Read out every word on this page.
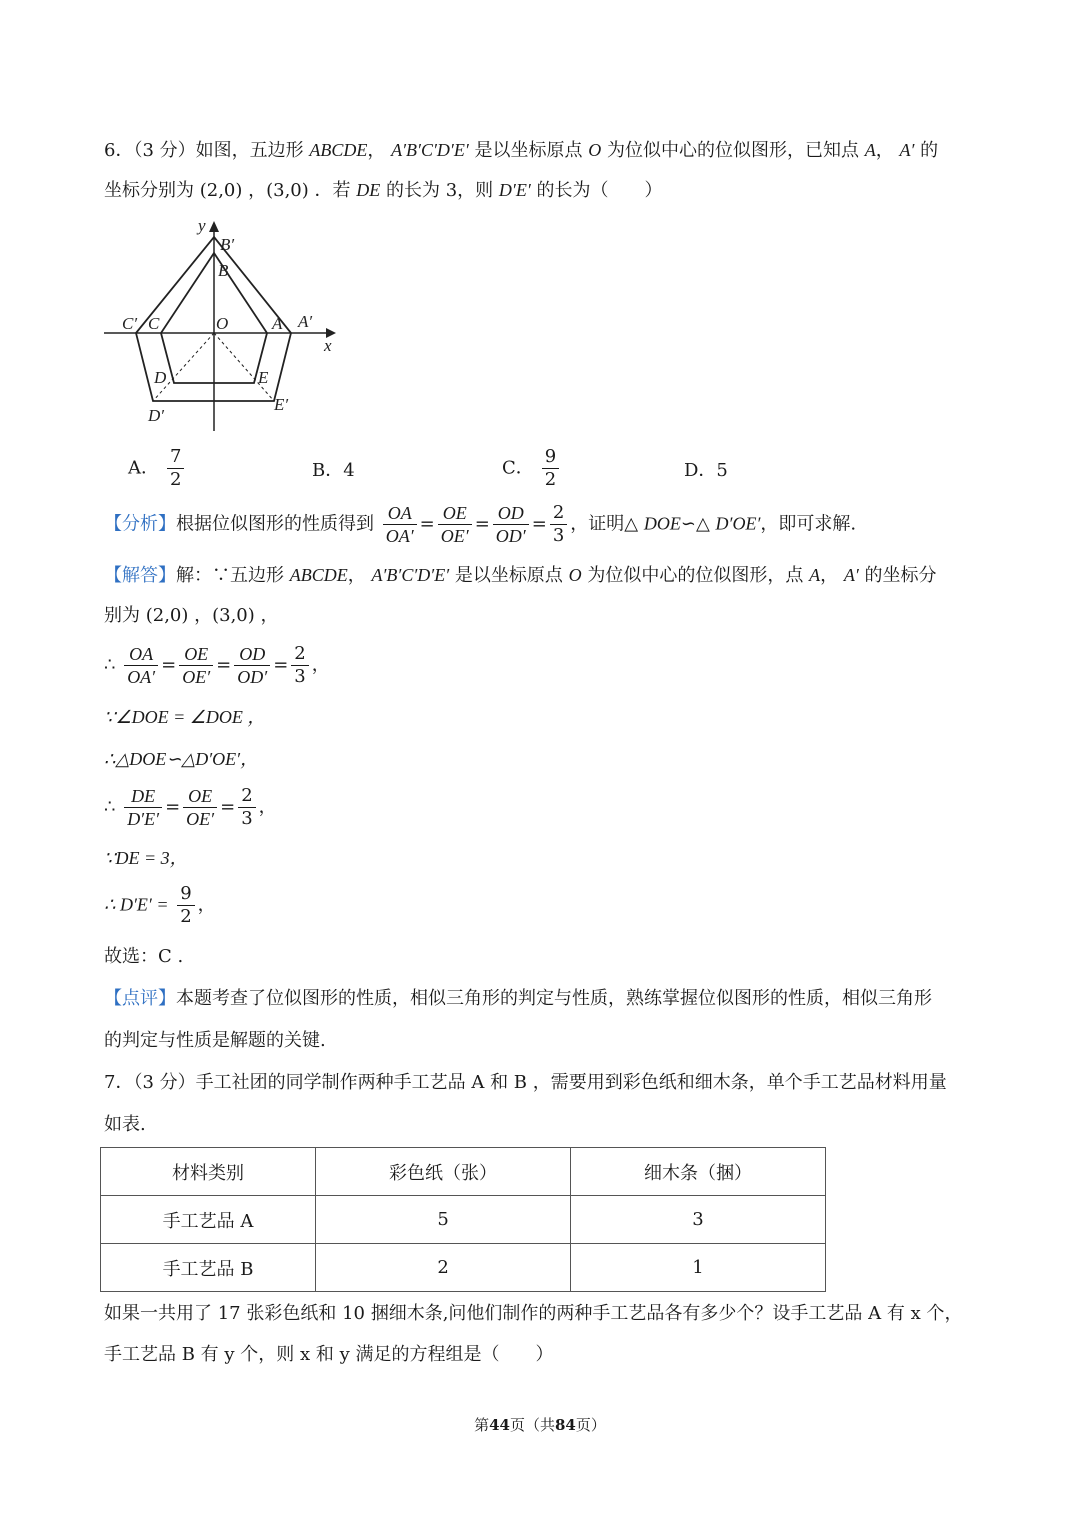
6．（3 分）如图，五边形 ABCDE， A′B′C′D′E′ 是以坐标原点 O 为位似中心的位似图形，已知点 A， A′ 的
坐标分别为 (2,0) ，(3,0) ．若 DE 的长为 3，则 D′E′ 的长为（　　）
y
x
B′
B
C′ C	O	A A′
D	E
D′
E′
A． $\frac{7}{2}$	B．4	C． $\frac{9}{2}$	D．5
【分析】根据位似图形的性质得到 $\frac{OA}{OA'} = \frac{OE}{OE'} = \frac{OD}{OD'} = \frac{2}{3}$ ，证明△ DOE∽△ D′OE′，即可求解.
【解答】解：∵五边形 ABCDE， A′B′C′D′E′ 是以坐标原点 O 为位似中心的位似图形，点 A， A′ 的坐标分
别为 (2,0) ，(3,0) ，
∴ $\frac{OA}{OA'} = \frac{OE}{OE'} = \frac{OD}{OD'} = \frac{2}{3}$ ，
∵∠DOE = ∠DOE ，
∴△DOE∽△D′OE′，
∴ $\frac{DE}{D'E'} = \frac{OE}{OE'} = \frac{2}{3}$ ，
∵DE = 3，
∴ $D'E' = \frac{9}{2}$ ，
故选：C .
【点评】本题考查了位似图形的性质，相似三角形的判定与性质，熟练掌握位似图形的性质，相似三角形
的判定与性质是解题的关键.
7．（3 分）手工社团的同学制作两种手工艺品 A 和 B ，需要用到彩色纸和细木条，单个手工艺品材料用量
如表.
材料类别	彩色纸（张）	细木条（捆）
手工艺品 A	5	3
手工艺品 B	2	1
如果一共用了 17 张彩色纸和 10 捆细木条,问他们制作的两种手工艺品各有多少个？设手工艺品 A 有 x 个，
手工艺品 B 有 y 个，则 x 和 y 满足的方程组是（　　）
第44页（共84页）
